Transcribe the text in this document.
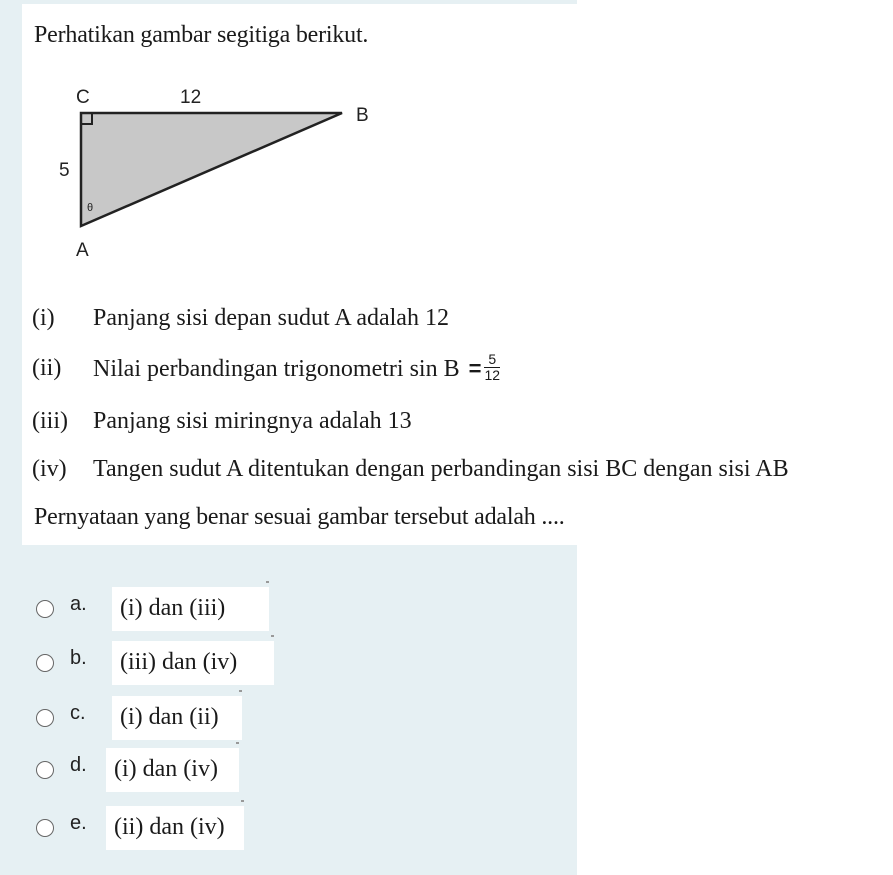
Perhatikan gambar segitiga berikut.
C	12
B
5
θ
A
(i) Panjang sisi depan sudut A adalah 12
(ii) Nilai perbandingan trigonometri $\sin B = \frac{5}{12}$
(iii) Panjang sisi miringnya adalah 13
(iv) Tangen sudut A ditentukan dengan perbandingan sisi BC dengan sisi AB
Pernyataan yang benar sesuai gambar tersebut adalah ....
a.	(i) dan (iii)
b.	(iii) dan (iv)
c.	(i) dan (ii)
d.	(i) dan (iv)
e.	(ii) dan (iv)
